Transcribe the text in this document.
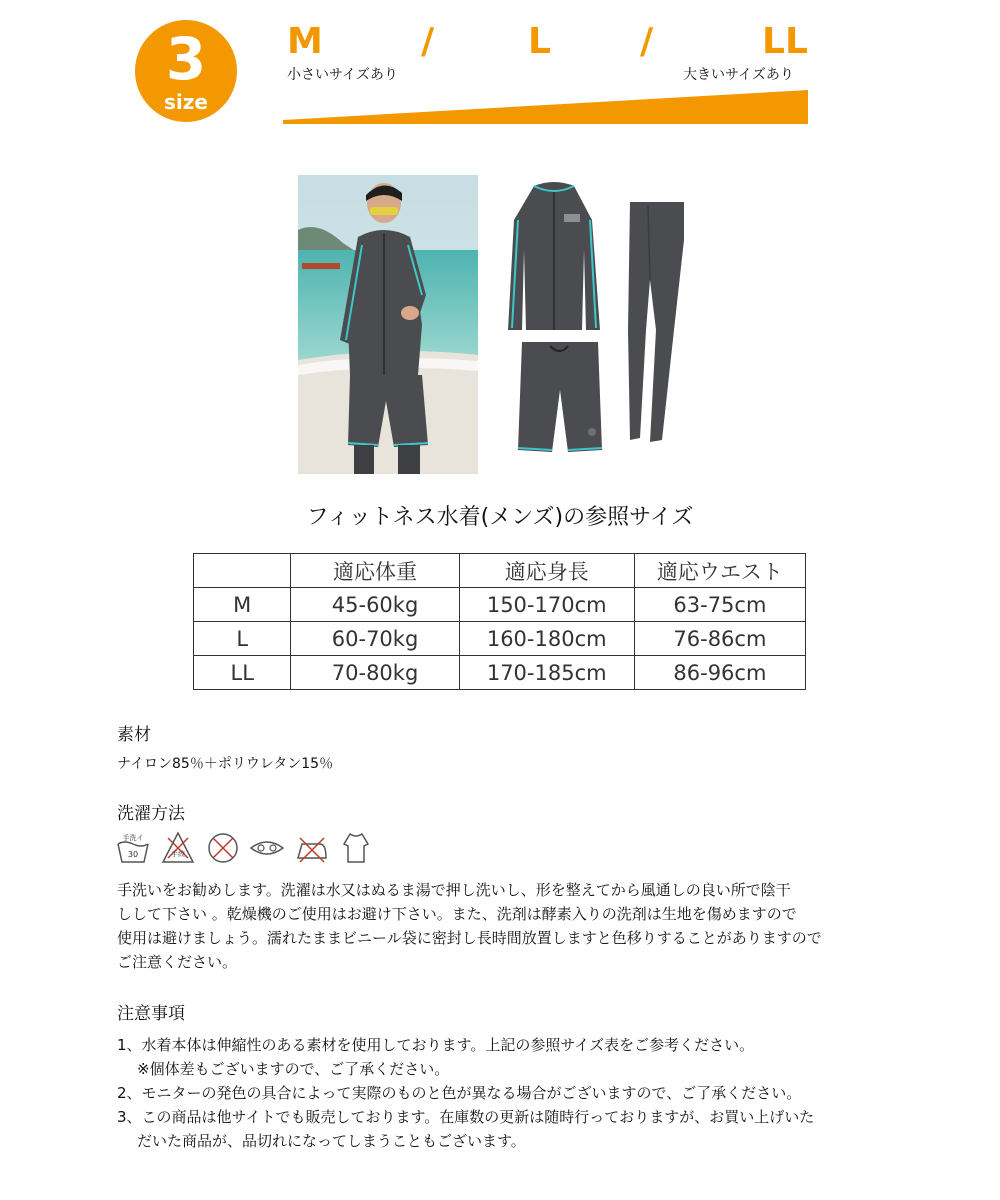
3
size
M	/	L /	LL
小さいサイズあり	大きいサイズあり
フィットネス水着(メンズ)の参照サイズ
	適応体重	適応身長	適応ウエスト
M	45-60kg	150-170cm	63-75cm
L	60-70kg	160-180cm	76-86cm
LL	70-80kg	170-185cm	86-96cm
素材
ナイロン85％＋ポリウレタン15％
洗濯方法
手洗イ
30	手絞
手洗いをお勧めします。洗濯は水又はぬるま湯で押し洗いし、形を整えてから風通しの良い所で陰干
しして下さい 。乾燥機のご使用はお避け下さい。また、洗剤は酵素入りの洗剤は生地を傷めますので
使用は避けましょう。濡れたままビニール袋に密封し長時間放置しますと色移りすることがありますので
ご注意ください。
注意事項
1、水着本体は伸縮性のある素材を使用しております。上記の参照サイズ表をご参考ください。
※個体差もございますので、ご了承ください。
2、モニターの発色の具合によって実際のものと色が異なる場合がございますので、ご了承ください。
3、この商品は他サイトでも販売しております。在庫数の更新は随時行っておりますが、お買い上げいた
だいた商品が、品切れになってしまうこともございます。
